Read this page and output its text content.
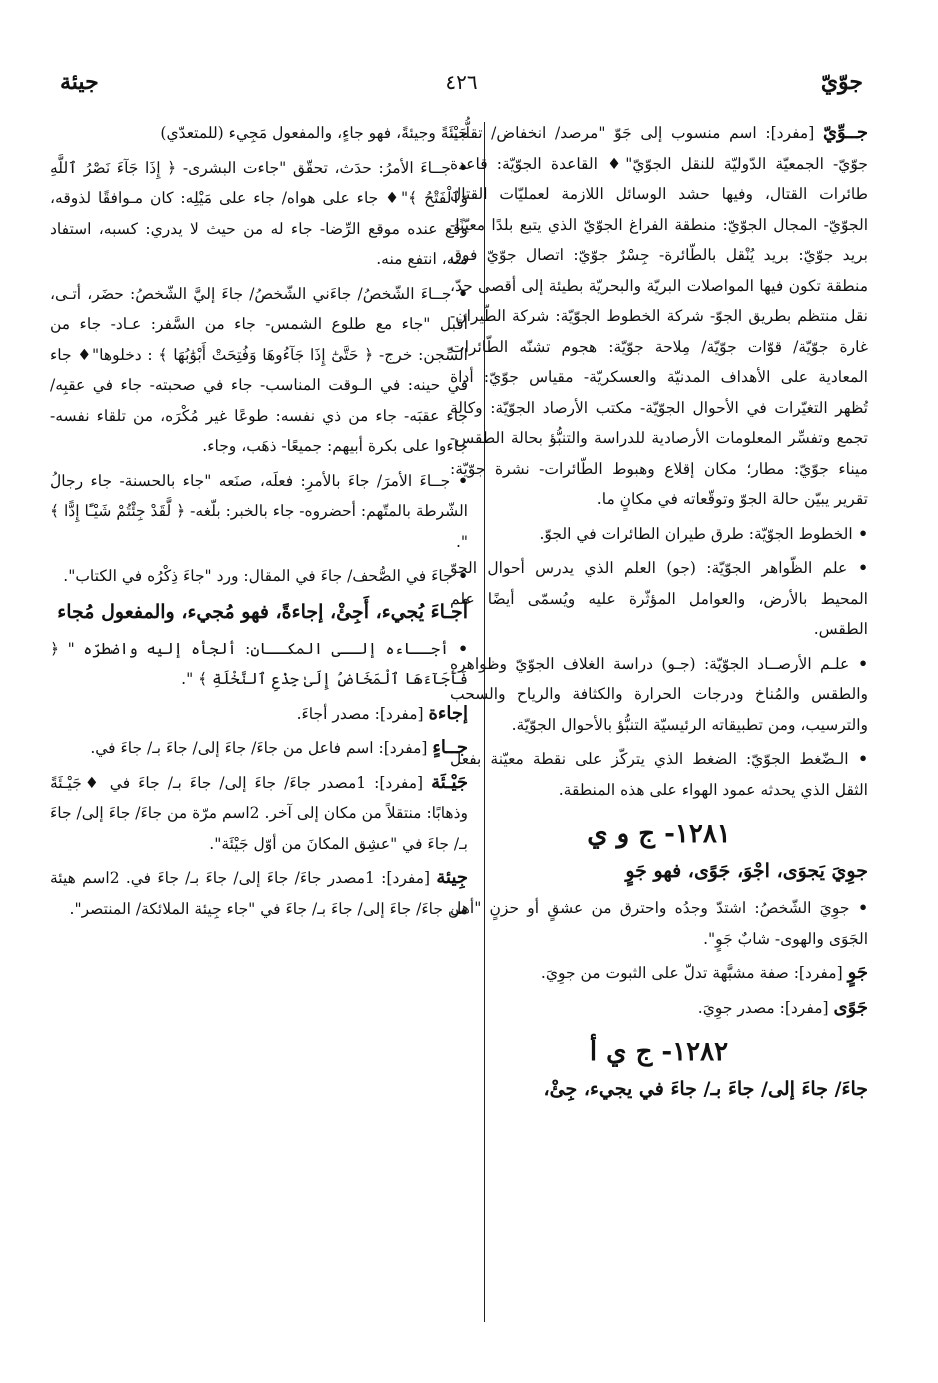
جوّيّ
٤٢٦
جيئة

جــوِّيّ [مفرد]: اسم منسوب إلى جَوّ "مرصد/ انخفاض/ تقلُّب جوّيّ- الجمعيّة الدّوليّة للنقل الجوّيّ"♦ القاعدة الجوّيّة: قاعدة طائرات القتال، وفيها حشد الوسائل اللازمة لعمليّات القتال الجوّيّ- المجال الجوّيّ: منطقة الفراغ الجوّيّ الذي يتبع بلدًا معيّنًا- بريد جوّيّ: بريد يُنْقل بالطّائرة- جِسْرٌ جوّيّ: اتصال جوّيّ فوق منطقة تكون فيها المواصلات البريّة والبحريّة بطيئة إلى أقصى حدّ، نقل منتظم بطريق الجوّ- شركة الخطوط الجوّيّة: شركة الطّيران- غارة جوّيّة/ قوّات جوّيّة/ مِلاحة جوّيّة: هجوم تشنّه الطّائرات المعادية على الأهداف المدنيّة والعسكريّة- مقياس جوّيّ: أداة تُظهر التغيّرات في الأحوال الجوّيّة- مكتب الأرصاد الجوّيّة: وكالة تجمع وتفسِّر المعلومات الأرصادية للدراسة والتنبُّؤ بحالة الطقس- ميناء جوّيّ: مطار؛ مكان إقلاع وهبوط الطّائرات- نشرة جوّيّة: تقرير يبيّن حالة الجوّ وتوقّعاته في مكانٍ ما.

• الخطوط الجوّيّة: طرق طيران الطائرات في الجوّ.

• علم الظّواهر الجوّيّة: (جو) العلم الذي يدرس أحوال الجوّ المحيط بالأرض، والعوامل المؤثّرة عليه ويُسمّى أيضًا علم الطقس.

• علـم الأرصــاد الجوّيّة: (جـو) دراسة الغلاف الجوّيّ وظواهره والطقس والمُناخ ودرجات الحرارة والكثافة والرياح والسحب والترسيب، ومن تطبيقاته الرئيسيّة التنبُّؤ بالأحوال الجوّيّة.

• الـضّغط الجوّيّ: الضغط الذي يتركّز على نقطة معيّنة بفعل الثقل الذي يحدثه عمود الهواء على هذه المنطقة.

١٢٨١- ج و ي
جوِيَ يَجوَى، اجْوَ، جَوًى، فهو جَوٍ

• جوِيَ الشّخصُ: اشتدّ وجدُه واحترق من عشقٍ أو حزنٍ "أهل الجَوَى والهوى- شابٌ جَوٍ".

جَوٍ [مفرد]: صفة مشبَّهة تدلّ على الثبوت من جوِيَ.

جَوًى [مفرد]: مصدر جوِيَ.

١٢٨٢- ج ي أ
جاءَ/ جاءَ إلى/ جاءَ بـ/ جاءَ في يجيء، جِئْ،

جَيْئَةً وجيئةً، فهو جاءٍ، والمفعول مَجِيء (للمتعدّي)

• جــاءَ الأمرُ: حدَث، تحقّق "جاءت البشرى- ﴿ إِذَا جَآءَ نَصْرُ ٱللَّهِ وَٱلْفَتْحُ ﴾"♦ جاء على هواه/ جاء على مَيْلِه: كان مـوافقًا لذوقه، وقع عنده موقع الرِّضا- جاء له من حيث لا يدري: كسبه، استفاد منه، انتفع منه.

• جــاءَ الشّخصُ/ جاءَني الشّخصُ/ جاءَ إليَّ الشّخصُ: حضَر، أتـى، أقبل "جاء مع طلوع الشمس- جاء من السَّفر: عـاد- جاء من السِّجن: خرج- ﴿ حَتَّىٰٓ إِذَا جَآءُوهَا وَفُتِحَتْ أَبْوَٰبُهَا ﴾ : دخلوها"♦ جاء في حينه: في الـوقت المناسب- جاء في صحبته- جاء في عقبِه/ جاء عقبَه- جاء من ذي نفسه: طوعًا غير مُكْرَه، من تلقاء نفسه- جاءوا على بكرة أبيهم: جميعًا- ذهَب، وجاء.

• جــاءَ الأمرَ/ جاءَ بالأمرِ: فعلَه، صنَعه "جاء بالحسنة- جاء رجالُ الشّرطة بالمتّهم: أحضروه- جاء بالخبر: بلّغه- ﴿ لَّقَدْ جِئْتُمْ شَيْـًٔا إِدًّا ﴾ ".

• جاءَ في الصُّحف/ جاءَ في المقال: ورد "جاءَ ذِكْرُه في الكتاب".

أجـاءَ يُجيء، أَجِئْ، إجاءةً، فهو مُجيء، والمفعول مُجاء

• أجــاءه إلــى المكــان: ألجأه إليه واضطرّه " ﴿ فَأَجَآءَهَا ٱلْمَخَاضُ إِلَىٰ جِذْعِ ٱلنَّخْلَةِ ﴾ ".

إجاءة [مفرد]: مصدر أجاءَ.

جــاءٍ [مفرد]: اسم فاعل من جاءَ/ جاءَ إلى/ جاءَ بـ/ جاءَ في.

جَيْـئَة [مفرد]: 1مصدر جاءَ/ جاءَ إلى/ جاءَ بـ/ جاءَ في ♦جَيْـئَةً وذهابًا: منتقلاً من مكان إلى آخر. 2اسم مرّة من جاءَ/ جاءَ إلى/ جاءَ بـ/ جاءَ في "عشِق المكانَ من أوّل جَيْئَة".

جِيئة [مفرد]: 1مصدر جاءَ/ جاءَ إلى/ جاءَ بـ/ جاءَ في. 2اسم هيئة من جاءَ/ جاءَ إلى/ جاءَ بـ/ جاءَ في "جاء جِيئة الملائكة/ المنتصر".
